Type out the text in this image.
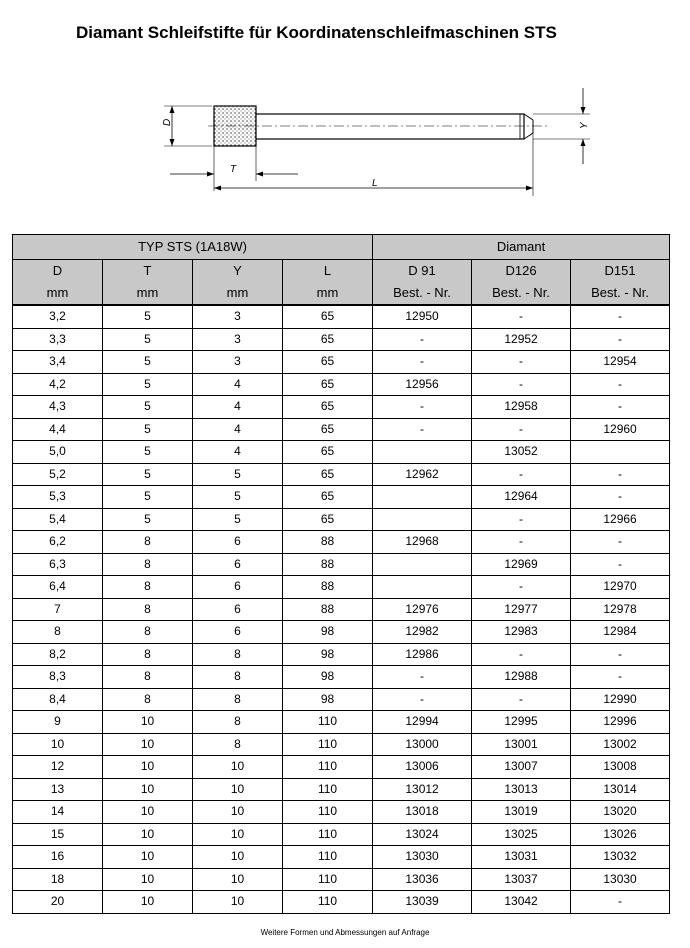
Diamant Schleifstifte für Koordinatenschleifmaschinen STS
D
T
L
Y
TYP STS (1A18W)				Diamant		
D	T	Y	L	D 91	D126	D151
mm	mm	mm	mm	Best. - Nr.	Best. - Nr.	Best. - Nr.
3,2	5	3	65	12950	-	-
3,3	5	3	65	-	12952	-
3,4	5	3	65	-	-	12954
4,2	5	4	65	12956	-	-
4,3	5	4	65	-	12958	-
4,4	5	4	65	-	-	12960
5,0	5	4	65		13052	
5,2	5	5	65	12962	-	-
5,3	5	5	65		12964	-
5,4	5	5	65		-	12966
6,2	8	6	88	12968	-	-
6,3	8	6	88		12969	-
6,4	8	6	88		-	12970
7	8	6	88	12976	12977	12978
8	8	6	98	12982	12983	12984
8,2	8	8	98	12986	-	-
8,3	8	8	98	-	12988	-
8,4	8	8	98	-	-	12990
9	10	8	110	12994	12995	12996
10	10	8	110	13000	13001	13002
12	10	10	110	13006	13007	13008
13	10	10	110	13012	13013	13014
14	10	10	110	13018	13019	13020
15	10	10	110	13024	13025	13026
16	10	10	110	13030	13031	13032
18	10	10	110	13036	13037	13030
20	10	10	110	13039	13042	-
Weitere Formen und Abmessungen auf Anfrage
